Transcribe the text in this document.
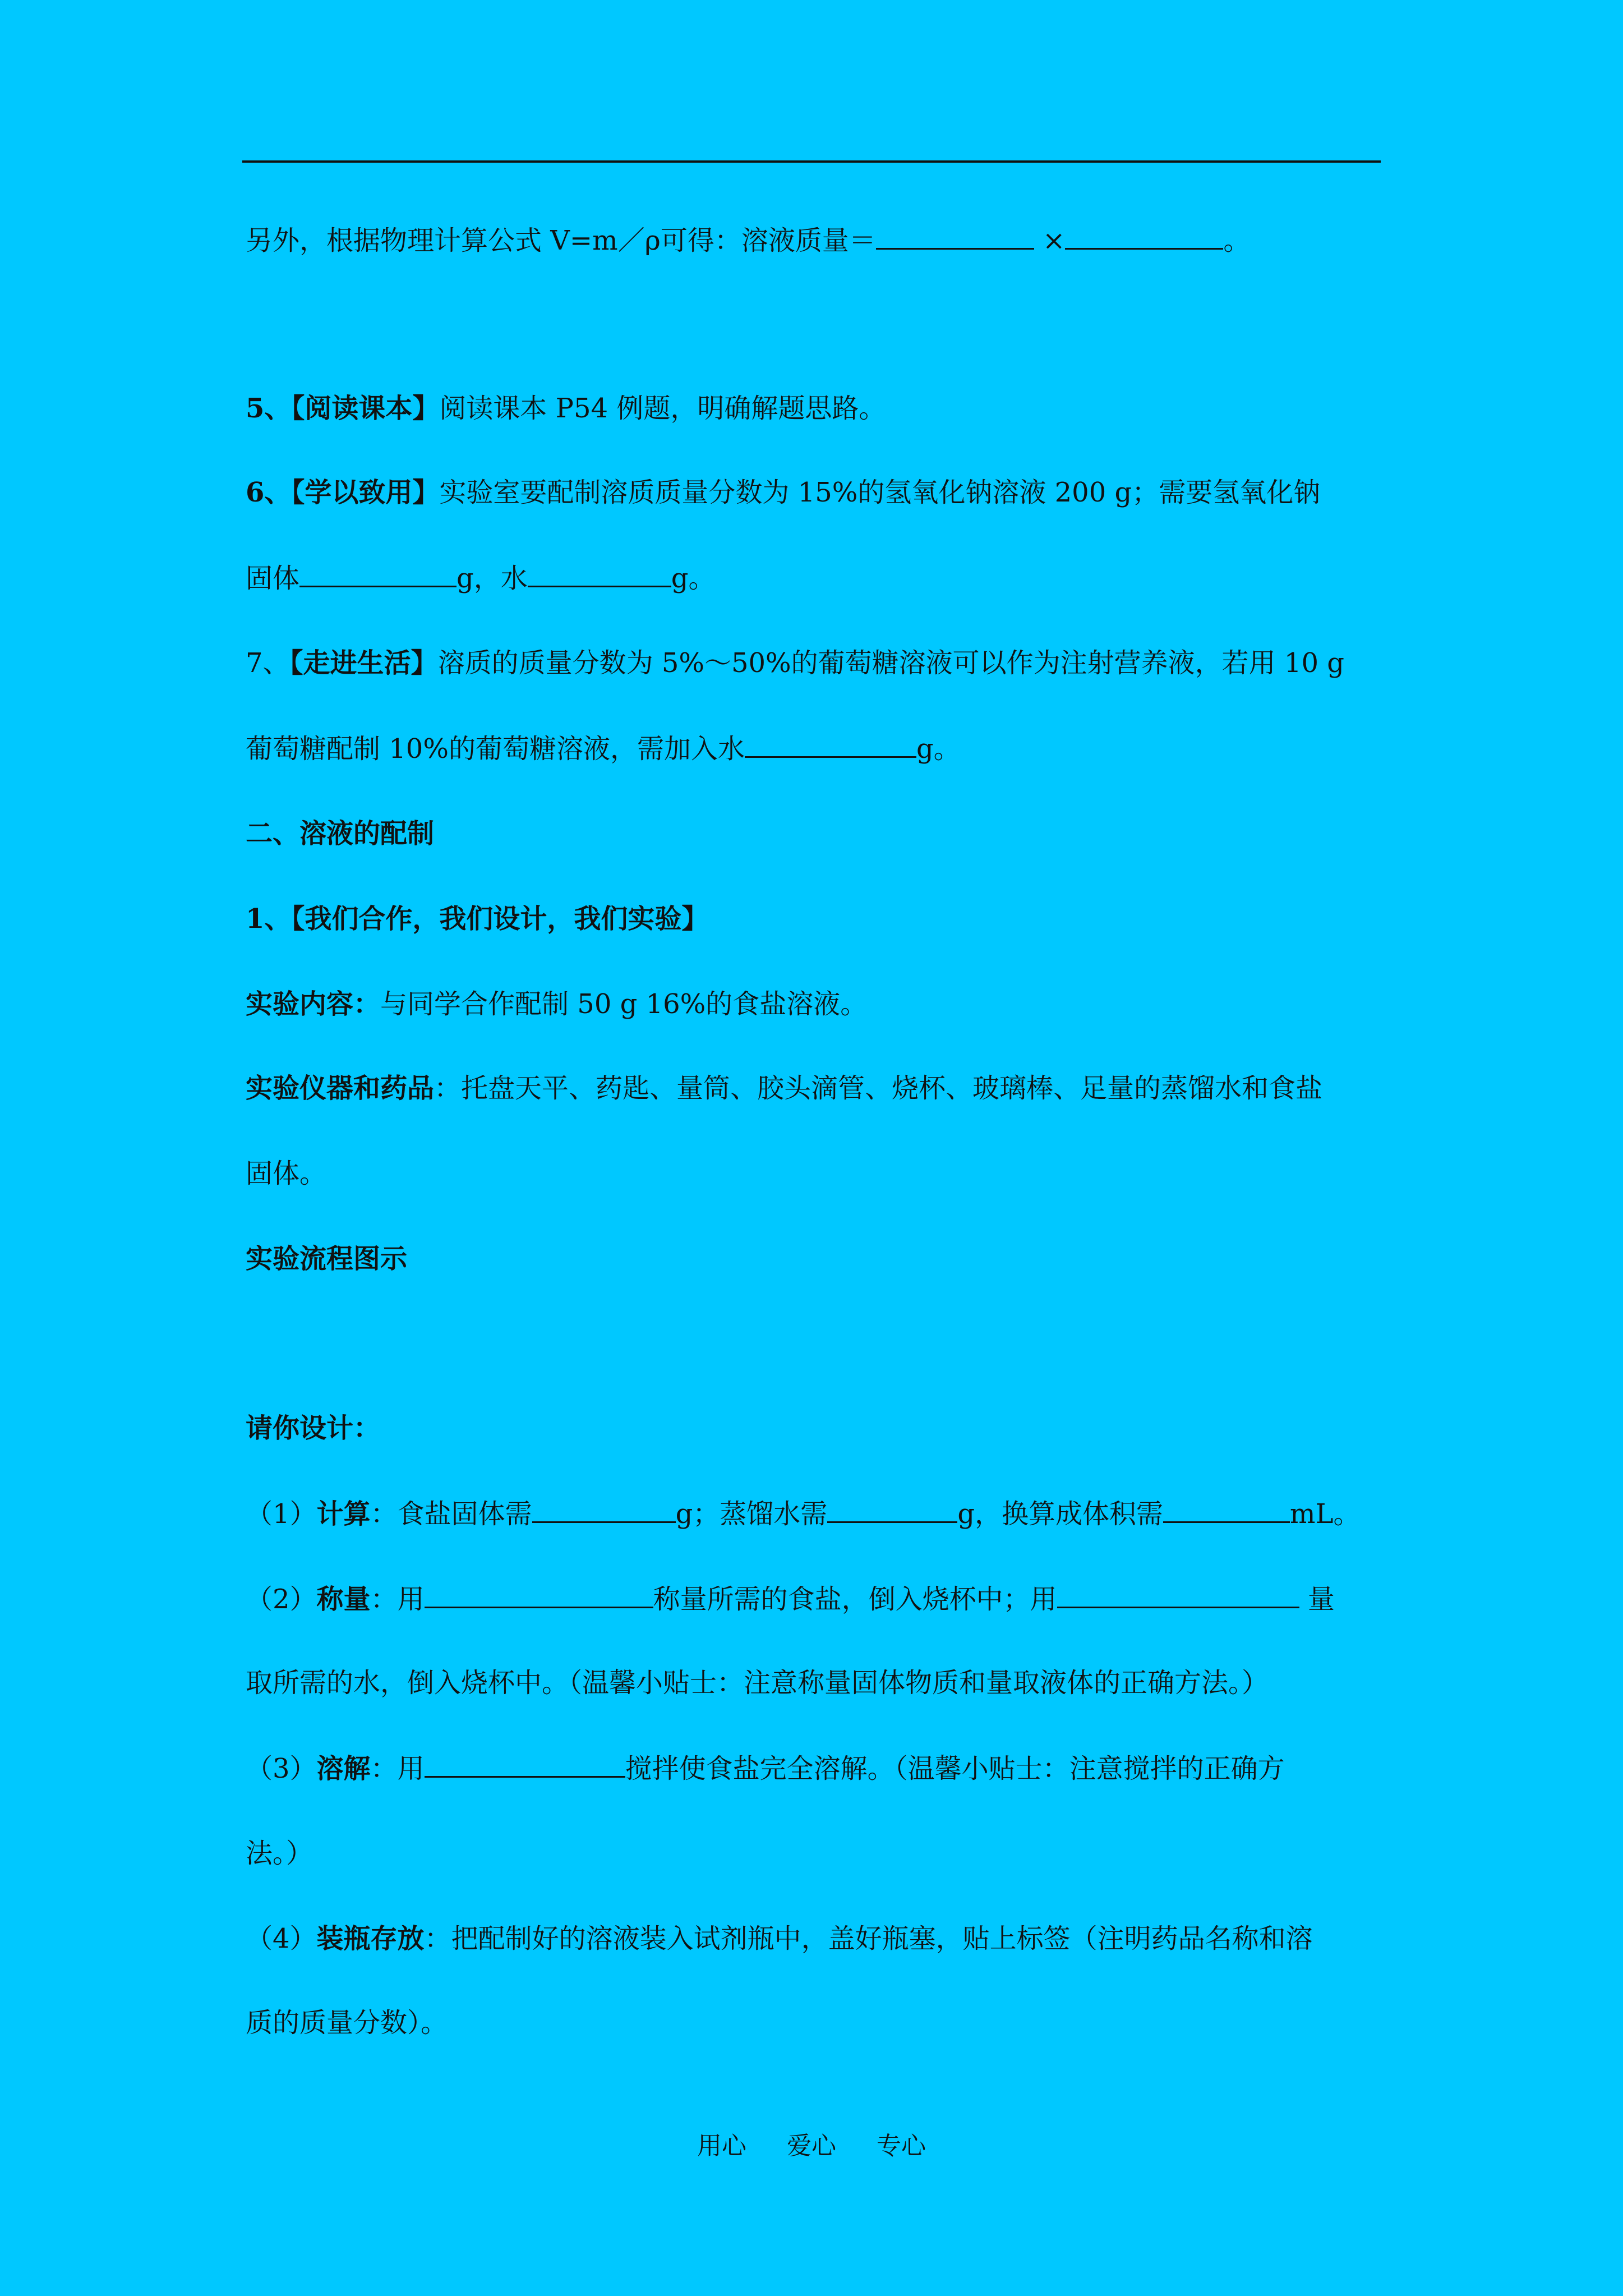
另外，根据物理计算公式 V=m／ρ可得：溶液质量＝	×	。
5、【阅读课本】阅读课本 P54 例题，明确解题思路。
6、【学以致用】实验室要配制溶质质量分数为 15%的氢氧化钠溶液 200 g；需要氢氧化钠
固体	g，水	g。
7、【走进生活】溶质的质量分数为 5%～50%的葡萄糖溶液可以作为注射营养液，若用 10 g
葡萄糖配制 10%的葡萄糖溶液，需加入水	g。
二、溶液的配制
1、【我们合作，我们设计，我们实验】
实验内容：与同学合作配制 50 g 16%的食盐溶液。
实验仪器和药品：托盘天平、药匙、量筒、胶头滴管、烧杯、玻璃棒、足量的蒸馏水和食盐
固体。
实验流程图示
请你设计：
（1）计算：食盐固体需	g；蒸馏水需	g，换算成体积需	mL。
（2）称量：用	称量所需的食盐，倒入烧杯中；用	量
取所需的水，倒入烧杯中。（温馨小贴士：注意称量固体物质和量取液体的正确方法。）
（3）溶解：用	搅拌使食盐完全溶解。（温馨小贴士：注意搅拌的正确方
法。）
（4）装瓶存放：把配制好的溶液装入试剂瓶中，盖好瓶塞，贴上标签（注明药品名称和溶
质的质量分数）。
用心 爱心 专心
